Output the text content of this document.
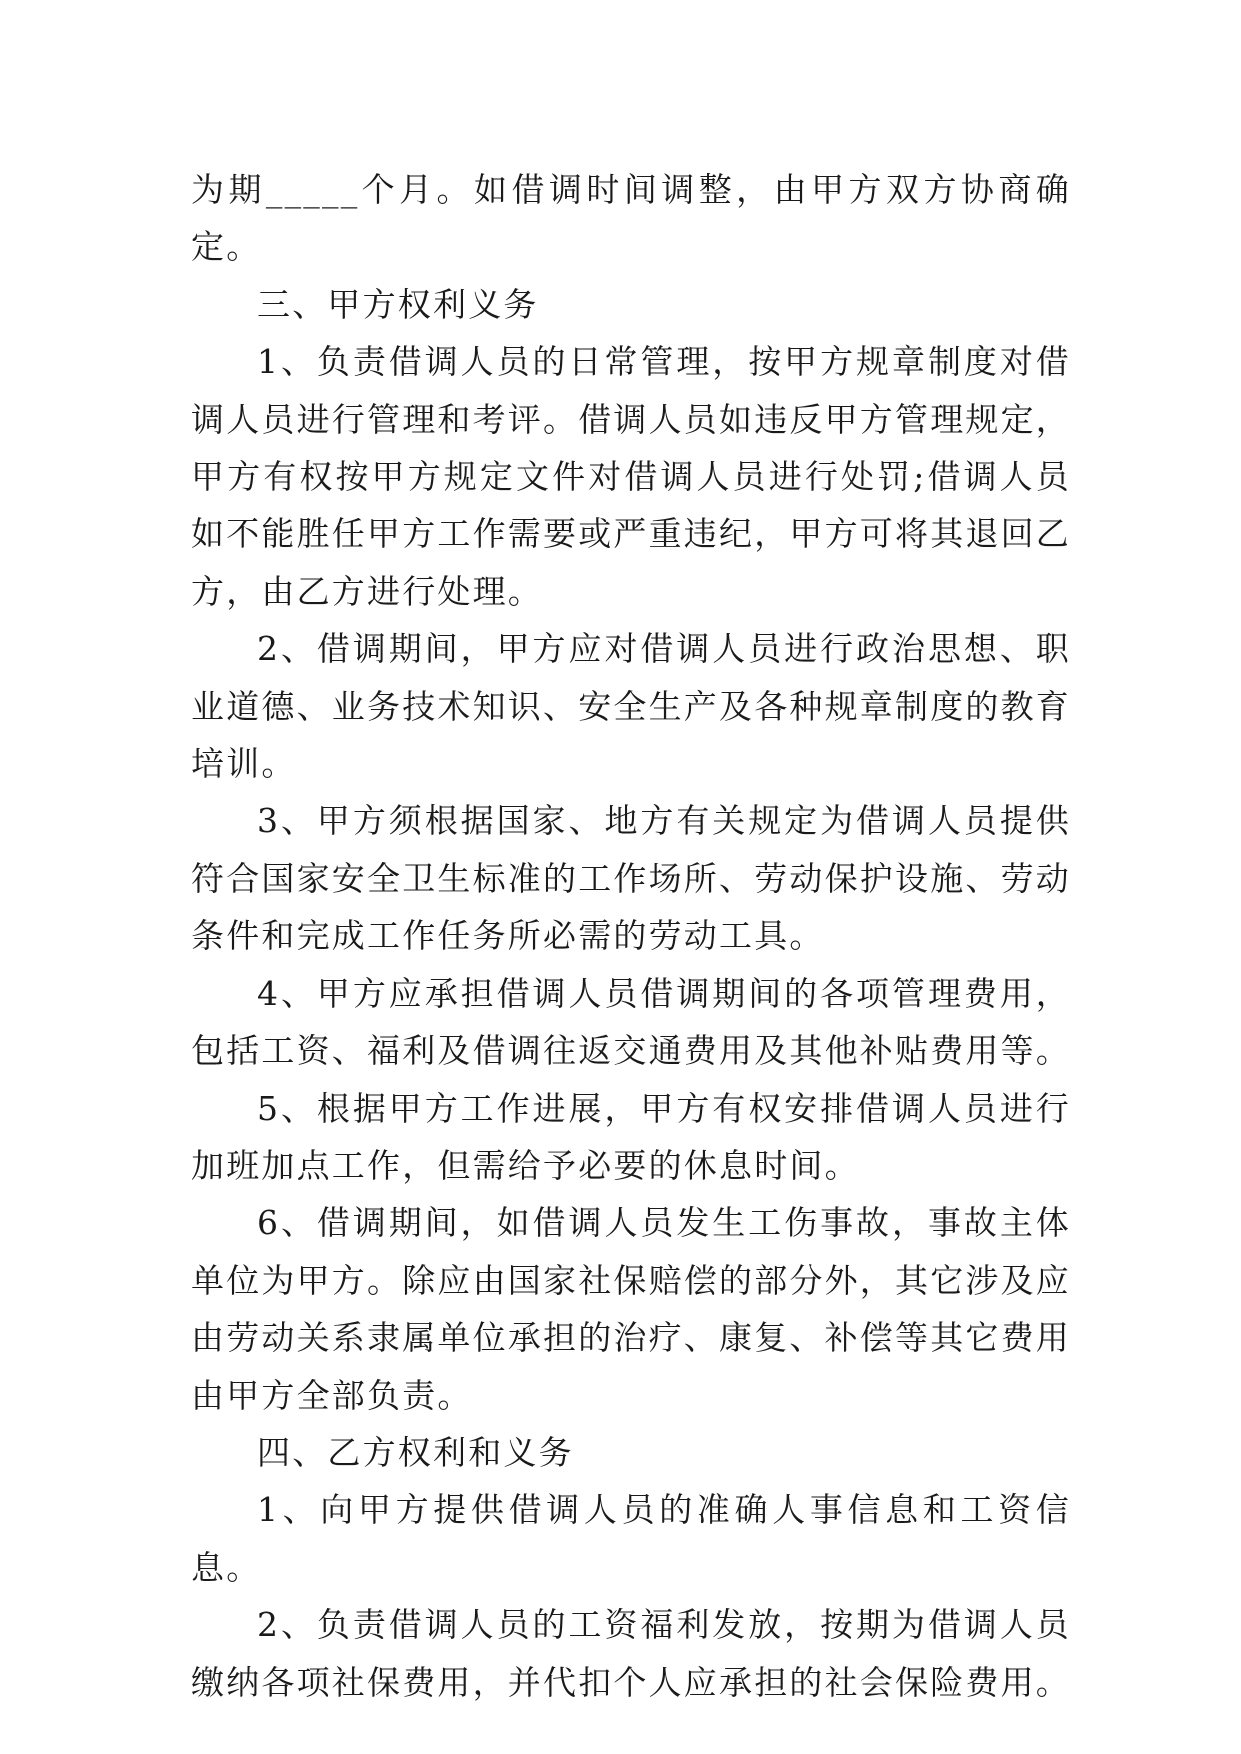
为期_____个月。如借调时间调整，由甲方双方协商确定。

三、甲方权利义务

1、负责借调人员的日常管理，按甲方规章制度对借调人员进行管理和考评。借调人员如违反甲方管理规定，甲方有权按甲方规定文件对借调人员进行处罚;借调人员如不能胜任甲方工作需要或严重违纪，甲方可将其退回乙方，由乙方进行处理。

2、借调期间，甲方应对借调人员进行政治思想、职业道德、业务技术知识、安全生产及各种规章制度的教育培训。

3、甲方须根据国家、地方有关规定为借调人员提供符合国家安全卫生标准的工作场所、劳动保护设施、劳动条件和完成工作任务所必需的劳动工具。

4、甲方应承担借调人员借调期间的各项管理费用，包括工资、福利及借调往返交通费用及其他补贴费用等。

5、根据甲方工作进展，甲方有权安排借调人员进行加班加点工作，但需给予必要的休息时间。

6、借调期间，如借调人员发生工伤事故，事故主体单位为甲方。除应由国家社保赔偿的部分外，其它涉及应由劳动关系隶属单位承担的治疗、康复、补偿等其它费用由甲方全部负责。

四、乙方权利和义务

1、向甲方提供借调人员的准确人事信息和工资信息。

2、负责借调人员的工资福利发放，按期为借调人员缴纳各项社保费用，并代扣个人应承担的社会保险费用。
